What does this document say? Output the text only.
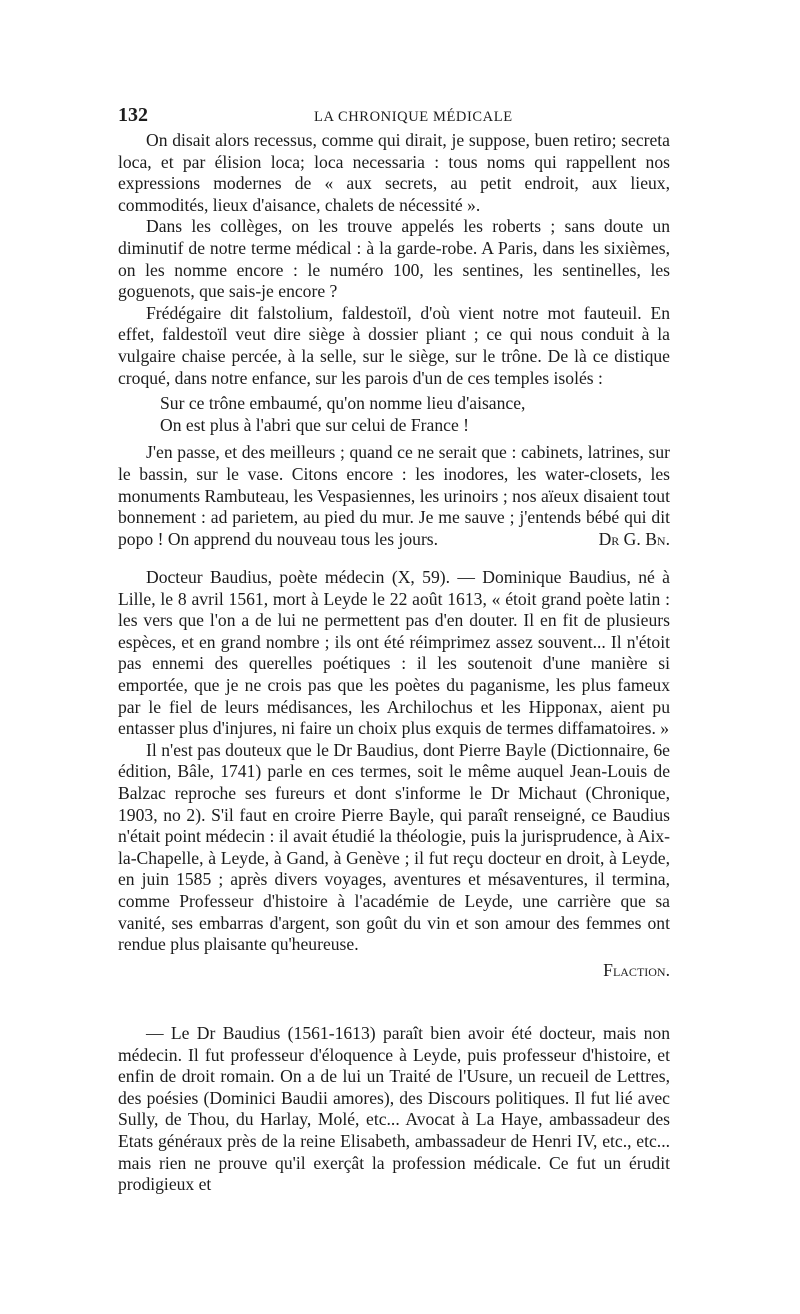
132	LA CHRONIQUE MÉDICALE

On disait alors recessus, comme qui dirait, je suppose, buen retiro; secreta loca, et par élision loca; loca necessaria : tous noms qui rappellent nos expressions modernes de « aux secrets, au petit endroit, aux lieux, commodités, lieux d'aisance, chalets de nécessité ».

Dans les collèges, on les trouve appelés les roberts ; sans doute un diminutif de notre terme médical : à la garde-robe. A Paris, dans les sixièmes, on les nomme encore : le numéro 100, les sentines, les sentinelles, les goguenots, que sais-je encore ?

Frédégaire dit falstolium, faldestoïl, d'où vient notre mot fauteuil. En effet, faldestoïl veut dire siège à dossier pliant ; ce qui nous conduit à la vulgaire chaise percée, à la selle, sur le siège, sur le trône. De là ce distique croqué, dans notre enfance, sur les parois d'un de ces temples isolés :

Sur ce trône embaumé, qu'on nomme lieu d'aisance,

On est plus à l'abri que sur celui de France !

J'en passe, et des meilleurs ; quand ce ne serait que : cabinets, latrines, sur le bassin, sur le vase. Citons encore : les inodores, les water-closets, les monuments Rambuteau, les Vespasiennes, les urinoirs ; nos aïeux disaient tout bonnement : ad parietem, au pied du mur. Je me sauve ; j'entends bébé qui dit popo ! On apprend du nouveau tous les jours.	Dr G. Bn.

Docteur Baudius, poète médecin (X, 59). — Dominique Baudius, né à Lille, le 8 avril 1561, mort à Leyde le 22 août 1613, « étoit grand poète latin : les vers que l'on a de lui ne permettent pas d'en douter. Il en fit de plusieurs espèces, et en grand nombre ; ils ont été réimprimez assez souvent... Il n'étoit pas ennemi des querelles poétiques : il les soutenoit d'une manière si emportée, que je ne crois pas que les poètes du paganisme, les plus fameux par le fiel de leurs médisances, les Archilochus et les Hipponax, aient pu entasser plus d'injures, ni faire un choix plus exquis de termes diffamatoires. »

Il n'est pas douteux que le Dr Baudius, dont Pierre Bayle (Dictionnaire, 6e édition, Bâle, 1741) parle en ces termes, soit le même auquel Jean-Louis de Balzac reproche ses fureurs et dont s'informe le Dr Michaut (Chronique, 1903, no 2). S'il faut en croire Pierre Bayle, qui paraît renseigné, ce Baudius n'était point médecin : il avait étudié la théologie, puis la jurisprudence, à Aix-la-Chapelle, à Leyde, à Gand, à Genève ; il fut reçu docteur en droit, à Leyde, en juin 1585 ; après divers voyages, aventures et mésaventures, il termina, comme Professeur d'histoire à l'académie de Leyde, une carrière que sa vanité, ses embarras d'argent, son goût du vin et son amour des femmes ont rendue plus plaisante qu'heureuse.

Flaction.

— Le Dr Baudius (1561-1613) paraît bien avoir été docteur, mais non médecin. Il fut professeur d'éloquence à Leyde, puis professeur d'histoire, et enfin de droit romain. On a de lui un Traité de l'Usure, un recueil de Lettres, des poésies (Dominici Baudii amores), des Discours politiques. Il fut lié avec Sully, de Thou, du Harlay, Molé, etc... Avocat à La Haye, ambassadeur des Etats généraux près de la reine Elisabeth, ambassadeur de Henri IV, etc., etc... mais rien ne prouve qu'il exerçât la profession médicale. Ce fut un érudit prodigieux et
